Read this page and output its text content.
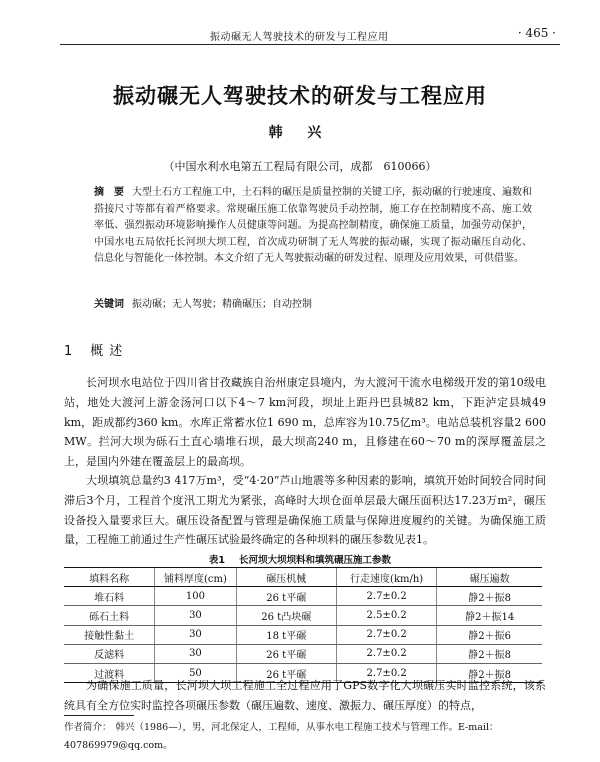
振动碾无人驾驶技术的研发与工程应用	· 465 ·
振动碾无人驾驶技术的研发与工程应用
韩 兴
（中国水利水电第五工程局有限公司，成都　610066）
摘　要 大型土石方工程施工中，土石料的碾压是质量控制的关键工序，振动碾的行驶速度、遍数和搭接尺寸等都有着严格要求。常规碾压施工依靠驾驶员手动控制，施工存在控制精度不高、施工效率低、强烈振动环境影响操作人员健康等问题。为提高控制精度，确保施工质量，加强劳动保护，中国水电五局依托长河坝大坝工程，首次成功研制了无人驾驶的振动碾，实现了振动碾压自动化、信息化与智能化一体控制。本文介绍了无人驾驶振动碾的研发过程、原理及应用效果，可供借鉴。
关键词 振动碾；无人驾驶；精确碾压；自动控制
1 概述

长河坝水电站位于四川省甘孜藏族自治州康定县境内，为大渡河干流水电梯级开发的第10级电站，地处大渡河上游金汤河口以下4～7 km河段，坝址上距丹巴县城82 km，下距泸定县城49 km，距成都约360 km。水库正常蓄水位1 690 m，总库容为10.75亿m³。电站总装机容量2 600 MW。拦河大坝为砾石土直心墙堆石坝，最大坝高240 m，且修建在60～70 m的深厚覆盖层之上，是国内外建在覆盖层上的最高坝。

大坝填筑总量约3 417万m³，受“4·20”芦山地震等多种因素的影响，填筑开始时间较合同时间滞后3个月，工程首个度汛工期尤为紧张，高峰时大坝仓面单层最大碾压面积达17.23万m²，碾压设备投入量要求巨大。碾压设备配置与管理是确保施工质量与保障进度履约的关键。为确保施工质量，工程施工前通过生产性碾压试验最终确定的各种坝料的碾压参数见表1。

表1 长河坝大坝坝料和填筑碾压施工参数
填料名称	铺料厚度(cm)	碾压机械	行走速度(km/h)	碾压遍数
堆石料	100	26 t平碾	2.7±0.2	静2＋振8
砾石土料	30	26 t凸块碾	2.5±0.2	静2＋振14
接触性黏土	30	18 t平碾	2.7±0.2	静2＋振6
反滤料	30	26 t平碾	2.7±0.2	静2＋振8
过渡料	50	26 t平碾	2.7±0.2	静2＋振8

为确保施工质量，长河坝大坝工程施工全过程应用了GPS数字化大坝碾压实时监控系统，该系统具有全方位实时监控各项碾压参数（碾压遍数、速度、激振力、碾压厚度）的特点，

作者简介： 韩兴（1986—），男，河北保定人，工程师，从事水电工程施工技术与管理工作。E-mail：407869979@qq.com。
